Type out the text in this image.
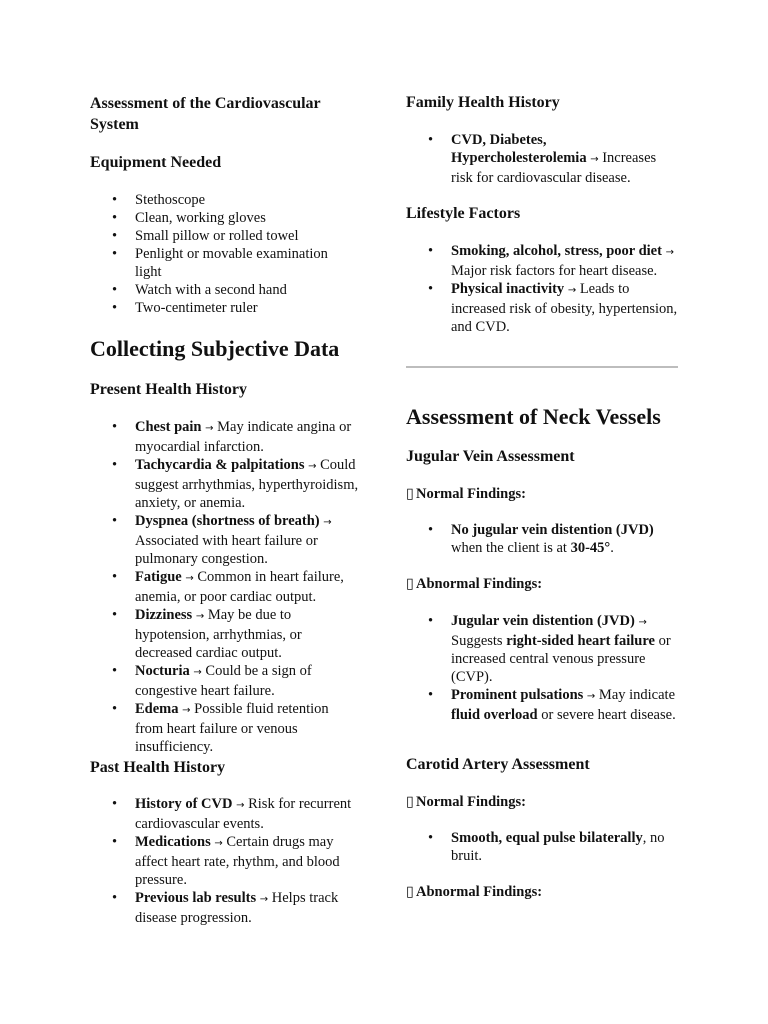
Assessment of the Cardiovascular System
Equipment Needed
• Stethoscope
• Clean, working gloves
• Small pillow or rolled towel
• Penlight or movable examination light
• Watch with a second hand
• Two-centimeter ruler
Collecting Subjective Data
Present Health History
• Chest pain → May indicate angina or myocardial infarction.
• Tachycardia & palpitations → Could suggest arrhythmias, hyperthyroidism, anxiety, or anemia.
• Dyspnea (shortness of breath) → Associated with heart failure or pulmonary congestion.
• Fatigue → Common in heart failure, anemia, or poor cardiac output.
• Dizziness → May be due to hypotension, arrhythmias, or decreased cardiac output.
• Nocturia → Could be a sign of congestive heart failure.
• Edema → Possible fluid retention from heart failure or venous insufficiency.
Past Health History
• History of CVD → Risk for recurrent cardiovascular events.
• Medications → Certain drugs may affect heart rate, rhythm, and blood pressure.
• Previous lab results → Helps track disease progression.
Family Health History
• CVD, Diabetes, Hypercholesterolemia → Increases risk for cardiovascular disease.
Lifestyle Factors
• Smoking, alcohol, stress, poor diet → Major risk factors for heart disease.
• Physical inactivity → Leads to increased risk of obesity, hypertension, and CVD.
Assessment of Neck Vessels
Jugular Vein Assessment
▯ Normal Findings:
• No jugular vein distention (JVD) when the client is at 30-45°.
▯ Abnormal Findings:
• Jugular vein distention (JVD) → Suggests right-sided heart failure or increased central venous pressure (CVP).
• Prominent pulsations → May indicate fluid overload or severe heart disease.
Carotid Artery Assessment
▯ Normal Findings:
• Smooth, equal pulse bilaterally, no bruit.
▯ Abnormal Findings:
